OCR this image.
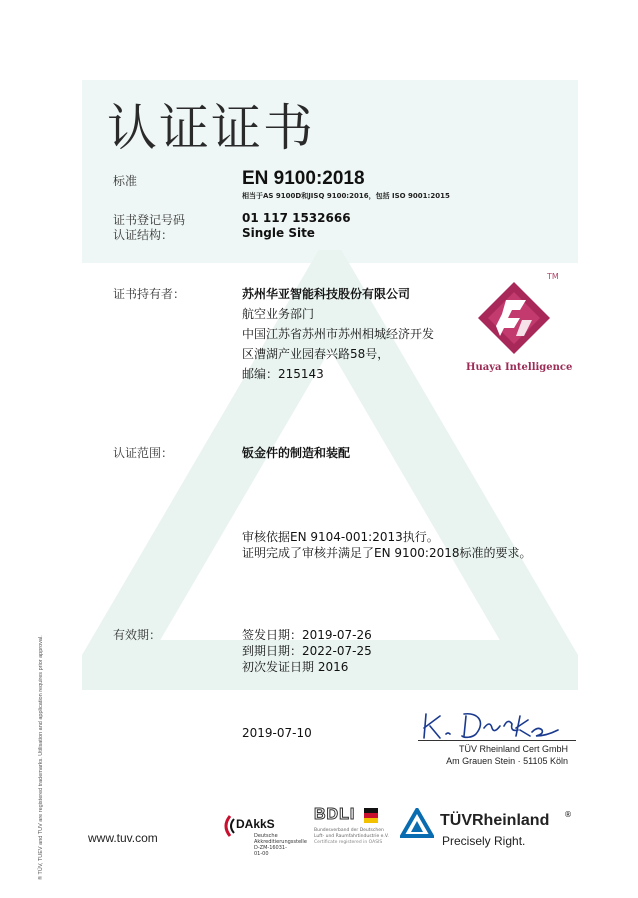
认证证书

标准	EN 9100:2018

相当于AS 9100D和JISQ 9100:2016，包括 ISO 9001:2015

证书登记号码	01 117 1532666

认证结构：	Single Site

证书持有者：	苏州华亚智能科技股份有限公司

航空业务部门

中国江苏省苏州市苏州相城经济开发

区漕湖产业园春兴路58号，

邮编：215143

TM
Huaya Intelligence

认证范围：	钣金件的制造和装配

审核依据EN 9104-001:2013执行。

证明完成了审核并满足了EN 9100:2018标准的要求。

有效期：	签发日期：2019-07-26

到期日期：2022-07-25

初次发证日期 2016

2019-07-10

TÜV Rheinland Cert GmbH

Am Grauen Stein · 51105 Köln

www.tuv.com

DAkkS
Deutsche
Akkreditierungsstelle
D-ZM-16031-01-00
BDLI
Bundesverband der Deutschen
Luft- und Raumfahrtindustrie e.V.
Certificate registered in OASIS
TÜVRheinland ®
Precisely Right.
® TÜV, TUEV and TUV are registered trademarks. Utilisation and application requires prior approval.
